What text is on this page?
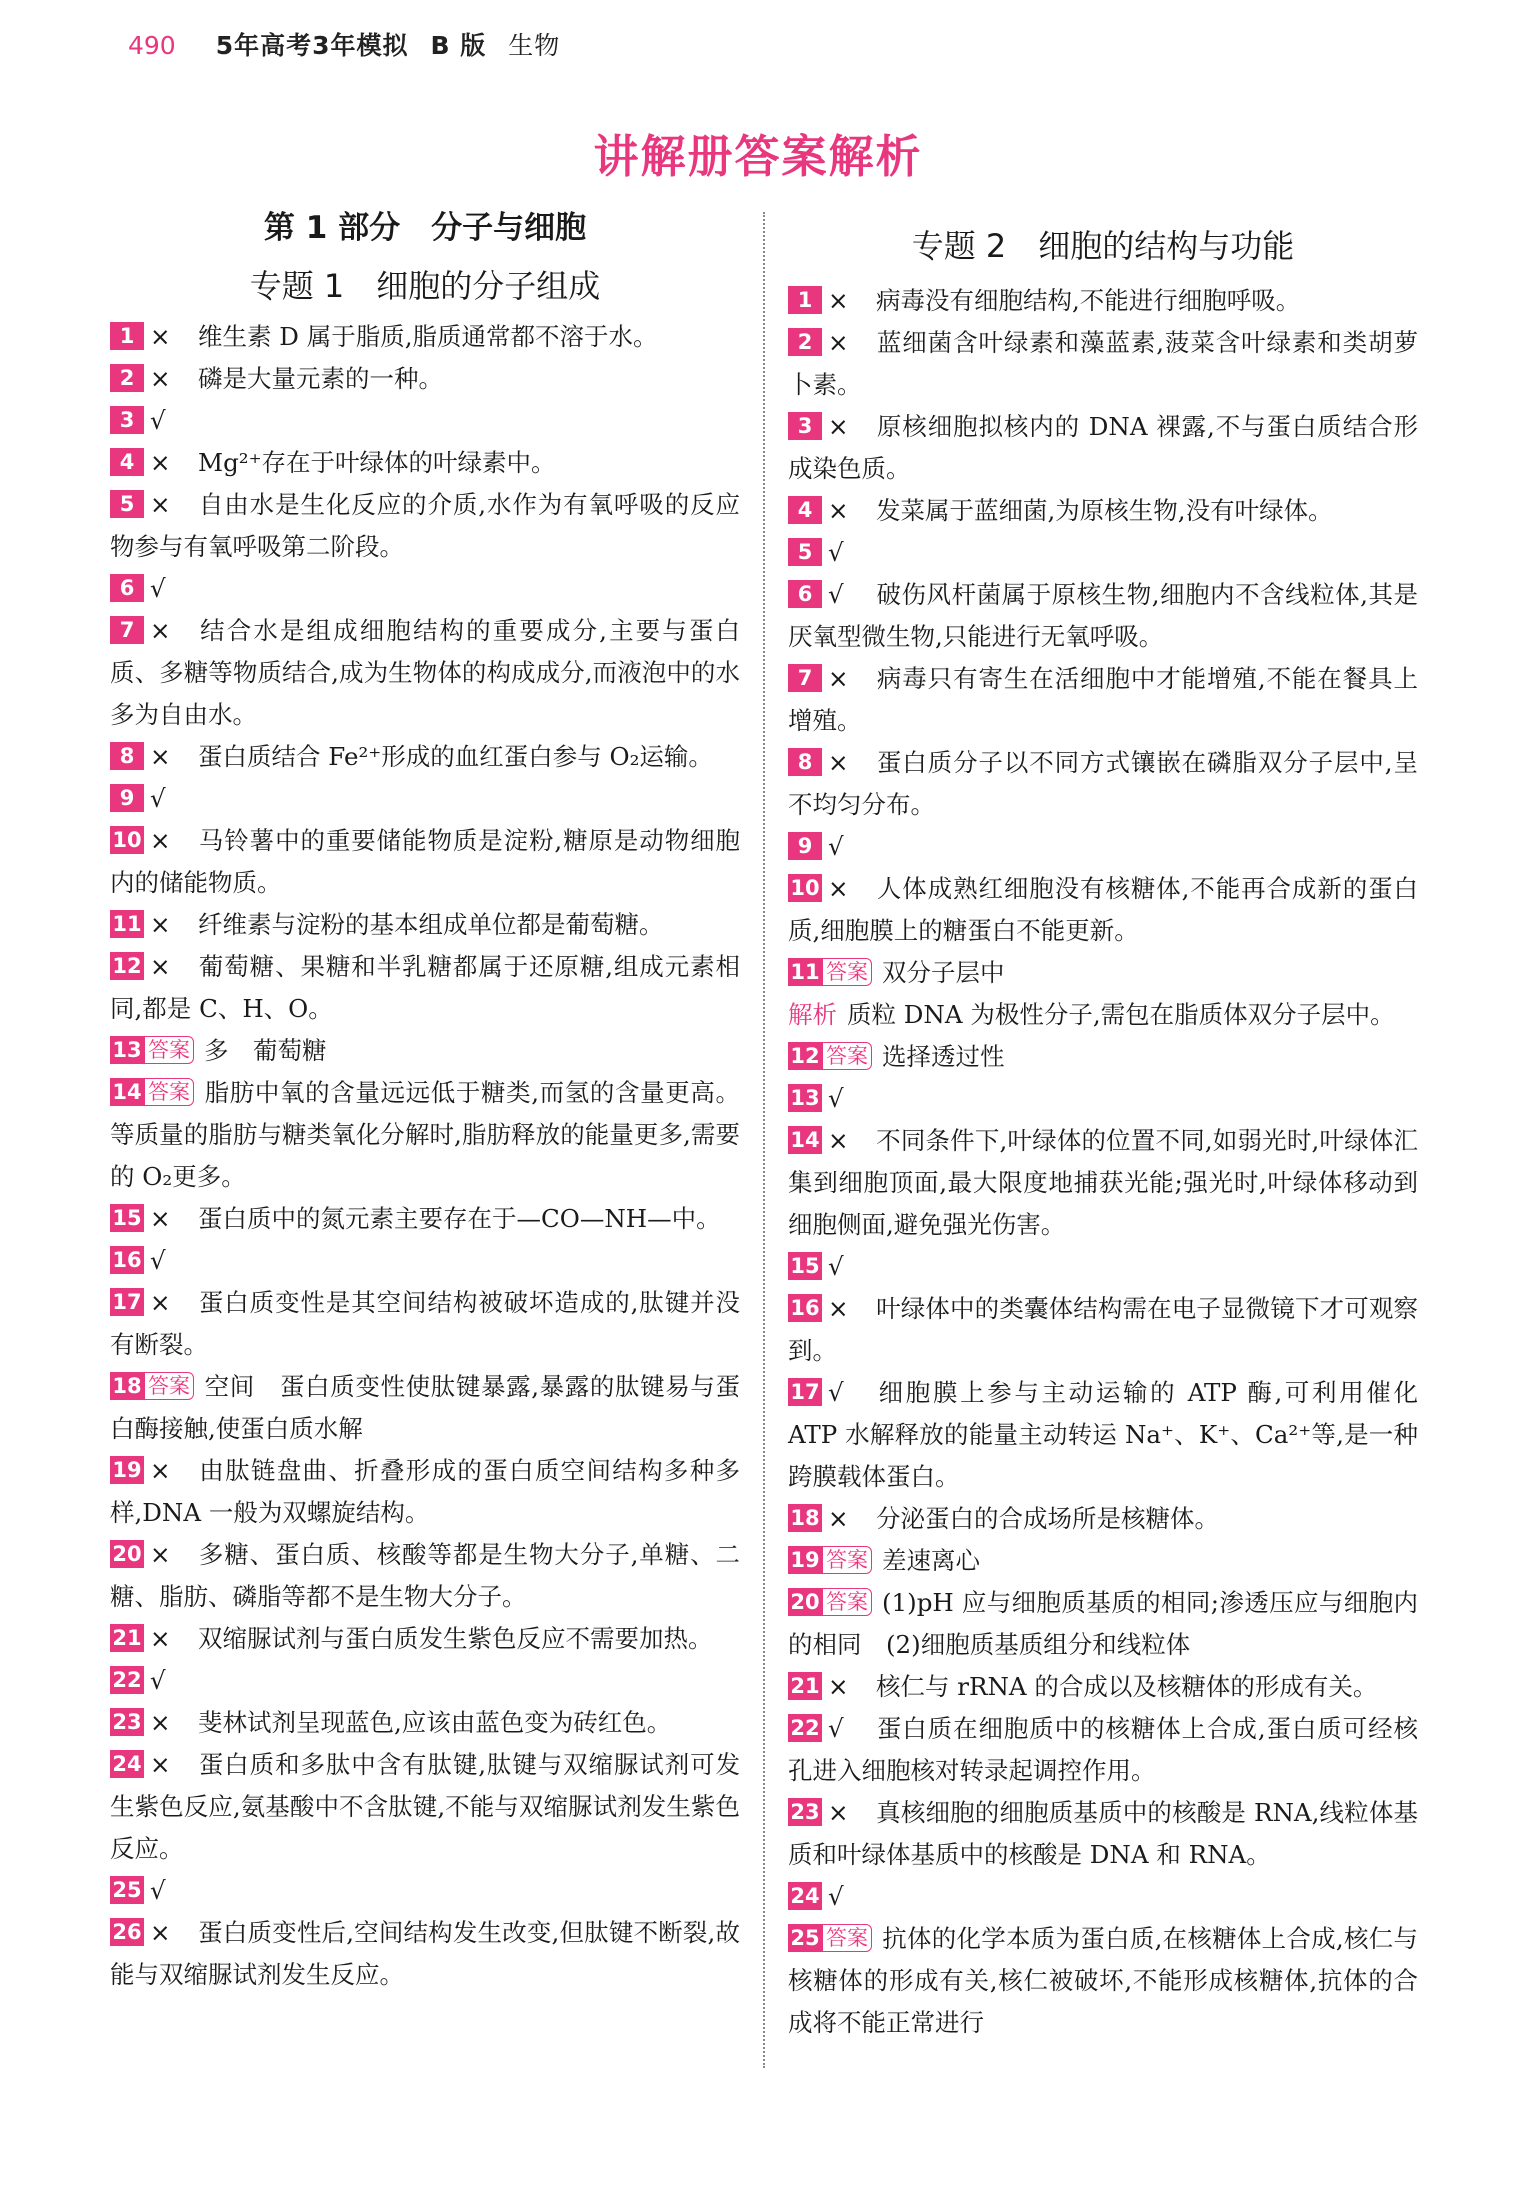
490 5年高考3年模拟 B 版 生物
讲解册答案解析
第 1 部分　分子与细胞
专题 1　细胞的分子组成

1 × 维生素 D 属于脂质,脂质通常都不溶于水。

2 × 磷是大量元素的一种。

3 √

4 × Mg²⁺存在于叶绿体的叶绿素中。

5 × 自由水是生化反应的介质,水作为有氧呼吸的反应物参与有氧呼吸第二阶段。

6 √

7 × 结合水是组成细胞结构的重要成分,主要与蛋白质、多糖等物质结合,成为生物体的构成成分,而液泡中的水多为自由水。

8 × 蛋白质结合 Fe²⁺形成的血红蛋白参与 O₂运输。

9 √

10 × 马铃薯中的重要储能物质是淀粉,糖原是动物细胞内的储能物质。

11 × 纤维素与淀粉的基本组成单位都是葡萄糖。

12 × 葡萄糖、果糖和半乳糖都属于还原糖,组成元素相同,都是 C、H、O。

13 答案 多　葡萄糖

14 答案 脂肪中氧的含量远远低于糖类,而氢的含量更高。等质量的脂肪与糖类氧化分解时,脂肪释放的能量更多,需要的 O₂更多。

15 × 蛋白质中的氮元素主要存在于—CO—NH—中。

16 √

17 × 蛋白质变性是其空间结构被破坏造成的,肽键并没有断裂。

18 答案 空间　蛋白质变性使肽键暴露,暴露的肽键易与蛋白酶接触,使蛋白质水解

19 × 由肽链盘曲、折叠形成的蛋白质空间结构多种多样,DNA 一般为双螺旋结构。

20 × 多糖、蛋白质、核酸等都是生物大分子,单糖、二糖、脂肪、磷脂等都不是生物大分子。

21 × 双缩脲试剂与蛋白质发生紫色反应不需要加热。

22 √

23 × 斐林试剂呈现蓝色,应该由蓝色变为砖红色。

24 × 蛋白质和多肽中含有肽键,肽键与双缩脲试剂可发生紫色反应,氨基酸中不含肽键,不能与双缩脲试剂发生紫色反应。

25 √

26 × 蛋白质变性后,空间结构发生改变,但肽键不断裂,故能与双缩脲试剂发生反应。

专题 2　细胞的结构与功能

1 × 病毒没有细胞结构,不能进行细胞呼吸。

2 × 蓝细菌含叶绿素和藻蓝素,菠菜含叶绿素和类胡萝卜素。

3 × 原核细胞拟核内的 DNA 裸露,不与蛋白质结合形成染色质。

4 × 发菜属于蓝细菌,为原核生物,没有叶绿体。

5 √

6 √ 破伤风杆菌属于原核生物,细胞内不含线粒体,其是厌氧型微生物,只能进行无氧呼吸。

7 × 病毒只有寄生在活细胞中才能增殖,不能在餐具上增殖。

8 × 蛋白质分子以不同方式镶嵌在磷脂双分子层中,呈不均匀分布。

9 √

10 × 人体成熟红细胞没有核糖体,不能再合成新的蛋白质,细胞膜上的糖蛋白不能更新。

11 答案 双分子层中

解析 质粒 DNA 为极性分子,需包在脂质体双分子层中。

12 答案 选择透过性

13 √

14 × 不同条件下,叶绿体的位置不同,如弱光时,叶绿体汇集到细胞顶面,最大限度地捕获光能;强光时,叶绿体移动到细胞侧面,避免强光伤害。

15 √

16 × 叶绿体中的类囊体结构需在电子显微镜下才可观察到。

17 √ 细胞膜上参与主动运输的 ATP 酶,可利用催化 ATP 水解释放的能量主动转运 Na⁺、K⁺、Ca²⁺等,是一种跨膜载体蛋白。

18 × 分泌蛋白的合成场所是核糖体。

19 答案 差速离心

20 答案 (1)pH 应与细胞质基质的相同;渗透压应与细胞内的相同　(2)细胞质基质组分和线粒体

21 × 核仁与 rRNA 的合成以及核糖体的形成有关。

22 √ 蛋白质在细胞质中的核糖体上合成,蛋白质可经核孔进入细胞核对转录起调控作用。

23 × 真核细胞的细胞质基质中的核酸是 RNA,线粒体基质和叶绿体基质中的核酸是 DNA 和 RNA。

24 √

25 答案 抗体的化学本质为蛋白质,在核糖体上合成,核仁与核糖体的形成有关,核仁被破坏,不能形成核糖体,抗体的合成将不能正常进行
